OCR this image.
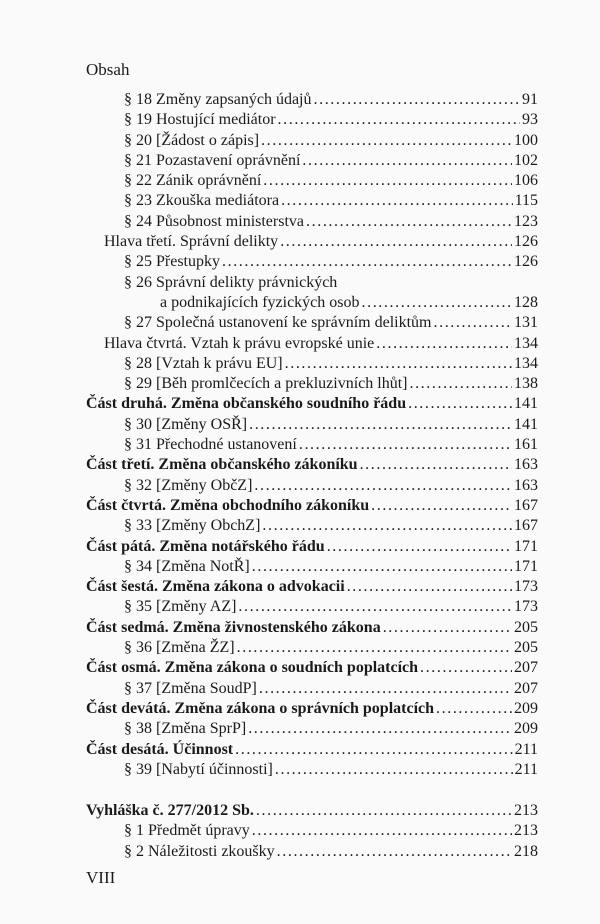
Obsah
§ 18 Změny zapsaných údajů . . .	91
§ 19 Hostující mediátor . . .	93
§ 20 [Žádost o zápis] . . .	100
§ 21 Pozastavení oprávnění . . .	102
§ 22 Zánik oprávnění . . .	106
§ 23 Zkouška mediátora . . .	115
§ 24 Působnost ministerstva . . .	123
Hlava třetí. Správní delikty . . .	126
§ 25 Přestupky . . .	126
§ 26 Správní delikty právnických
a podnikajících fyzických osob . . .	128
§ 27 Společná ustanovení ke správním deliktům . . .	131
Hlava čtvrtá. Vztah k právu evropské unie . . .	134
§ 28 [Vztah k právu EU] . . .	134
§ 29 [Běh promlčecích a prekluzivních lhůt] . . .	138
Část druhá. Změna občanského soudního řádu . . .	141
§ 30 [Změny OSŘ] . . .	141
§ 31 Přechodné ustanovení . . .	161
Část třetí. Změna občanského zákoníku . . .	163
§ 32 [Změny ObčZ] . . .	163
Část čtvrtá. Změna obchodního zákoníku . . .	167
§ 33 [Změny ObchZ] . . .	167
Část pátá. Změna notářského řádu . . .	171
§ 34 [Změna NotŘ] . . .	171
Část šestá. Změna zákona o advokacii . . .	173
§ 35 [Změny AZ] . . .	173
Část sedmá. Změna živnostenského zákona . . .	205
§ 36 [Změna ŽZ] . . .	205
Část osmá. Změna zákona o soudních poplatcích . . .	207
§ 37 [Změna SoudP] . . .	207
Část devátá. Změna zákona o správních poplatcích . . .	209
§ 38 [Změna SprP] . . .	209
Část desátá. Účinnost . . .	211
§ 39 [Nabytí účinnosti] . . .	211
Vyhláška č. 277/2012 Sb. . . .	213
§ 1 Předmět úpravy . . .	213
§ 2 Náležitosti zkoušky . . .	218
VIII
